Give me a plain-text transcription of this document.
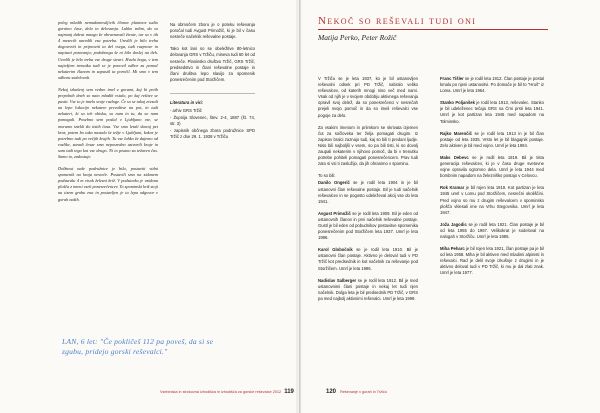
poleg mladih nemadomestljivih članov planinov tudio gornino čase, dela in delovanja. Lahko trdim, da so najmanj dvkrat mnogo že obravnavali živote, tur so v tih 4 mesecih naredili vsa potreba. Uredili je bilo treba dogovoriti in pripraviti ta del vsega, tudi razprave in napisati potovanja; podobnega še ni bilo doslej na tleh. Uredili je bilo treba vse druge stvari. Hvala bogu, v tem najtežjem trenutku tudi se je ponovil odbor za pomoč nekaterim članom in zapustil ta poročil. Mi smo v tem odboru sodelovali.

Nekaj izkušenj sem vedno imel z gorami, kaj bi petih prepolnih dneh so nato mladih vstalo, po kaj rešitev se pustit. Vse to je imelo svoje razloge. Če so se takoj zvezali na lepo lokacijo nekatere prevalitve na pot, in tudi nekateri, ki so teh obisku, so nam in tu, da so nam pomagali. Posebno sem poslal v Ljubljano vse, se moramo iztekli do tistih časa. Vse smo letali skoraj pet krat; potem bo taka nastala še težje v Ljubljani, kakor je potrebno tudi po večjih krajih. Tu vse lahko že dajemo od razlike, zaradi česar smo neposredno ustvarili kraje in sam tudi tega kot vse drugo. Ni to pisano za težaven čas. Samo to, zadostuje.

Dolžnost naše podružnice je bila, postaviti vidni spomenik na kraju nesreče. Postavili smo na zidanem podstavku 4 m visok železni križ. V podstavku je vzidana plošča z imeni vseh ponesrečencev. To spominski križ stoji na tisem grobu ena in postavljen je ta lepa odgovor v gorah naših.

Na območem zboru je o poteku reševanja poročal tudi Avgust Primožič, ki je bil v času nesreče načelnik reševalne postaje.

Tako kot lani so se obeležitve 80-letnico delovanja GRS v Tržiču, mineva tudi 60 let od nesreče. Planinsko društvo Tržič, GRS Tržič, predsedstvo in člani reševalne postaje in člani društva lepo slavijo za spomenik ponesrečenim pod Storžičem.

Literatura in viri:
- arhiv GRS Tržič
- Župnija Slovenec, štev. 2-4, 1887 (št. 74, str. 3)
- zapisnik občnega zbora podružnice SPD Tržič z dne 29. 1. 1938 v Tržiču
LAN, 6 let: "Če pokličeš 112 pa poveš, da si se zgubu, pridejo gorski reševalci."
Vsebinska in strokovna izhodišča in izhodišča za gorske reševalce 2012 119
Nekoč so reševali tudi oni
Matija Perko, Peter Rožič

V Tržiču se je leta 1937, ko je bil ustanovljen reševalni odsek pri PD Tržič, nabralo veliko reševalcev, od katerih mnogi niso več med nami. Vsak od njih je v svojem obdobju aktivnega reševanja opravil svoj delež, da so ponesrečenci v nesrečah prejeli svojo pomoč in da so imeli reševalci vse pogoje za delo.

Za vsakim imenom in priimkom se skrivata izjemen čut za sočloveka ter želja pomagati drugim. Iz zapisov bralci zaznajo tudi, kaj so bili ti predani ljudje. Niso bili najboljši v vsem, so pa bili tisti, ki so dovolj zaupali nekaterim v njihovo pomoč, da bi v trenutku potrebe pohiteli pomagati ponesrečencem. Prav tudi zato si vsi ti zaslužijo, da jih ohranimo v spominu.

To so bili:

Danilo Ongerič se je rodil leta 1904 in je bil ustanovni član reševalne postaje. Bil je tudi načelnik reševalcev in se pogosto udeleževal akcij vse do leta 1941.

Avgust Primožič se je rodil leta 1909. Bil je eden od ustanovnih članov in prvi načelnik reševalne postaje. Gustl je bil eden od pobudnikov postavitve spomenika ponesrečenim pod Storžičem leta 1937. Umrl je leta 1996.

Karol Globočnik se je rodil leta 1910. Bil je ustanovni član postaje. Aktivno je deloval tudi v PD Tržič kot predsednik in kot načelnik za reševanje pod Storžičem. Umrl je leta 1996.

Nadislav Salberger se je rodil leta 1912. Bil je med ustanovnimi člani postaje in nekaj let tudi njen načelnik. Dolga leta je bil predsednik PD Tržič, v GRS pa med najbolj aktivnimi reševalci. Umrl je leta 1999.

Franc Tišler se je rodil leta 1912. Član postaje je postal kmalu po njeni ustanovitvi. Po domače je bil to "Hruš" iz Loma. Umrl je leta 1964.

Stanko Poljanšek je rodil leta 1913, reševalec. Stanko je bil udeleženec tečaja GRS na Črni prsti leta 1941. Umrl je kot partizan leta 1945 med napadom na Tolminsko.

Rajko Marenčič se je rodil leta 1913 in je bil član postaje od leta 1935. Vrsto let je bil blagajnik postaje. Zelo aktiven je bil med vojno. Umrl je leta 1994.

Maks Debevc se je rodil leta 1919. Bil je tista generacija reševalcev, ki je v času druge svetovne vojne opravila ogromno dela. Umrl je leta 1944 med bombnim napadom na železniško postajo v Celovcu.

Rok Kramar je bil rojen leta 1919. Kot partizan je leta 1945 umrl v Lomu pod Storžičem, nesrečni okoliščini. Pred vojno so mu z drugim reševalcem v spominsko ploščo vklesali ime na Vrhu Stegovnika. Umrl je leta 1947.

Joža Jagodic se je rodil leta 1921. Član postaje je bil od leta 1955 do 1967. Velikokrat je sodeloval na nalogah v Storžiču. Umrl je leta 1985.

Miha Peharc je bil rojen leta 1921, član postaje pa je bil od leta 1958. Miha je bil aktiven med mladimi alpinisti in reševalci. Rad je delil svoje izkušnje z drugimi in je aktivno deloval tudi v PD Tržič, ki mu je dal zlati znak. Umrl je leta 1977.

120 Reševanje v gorah in Tržiču
